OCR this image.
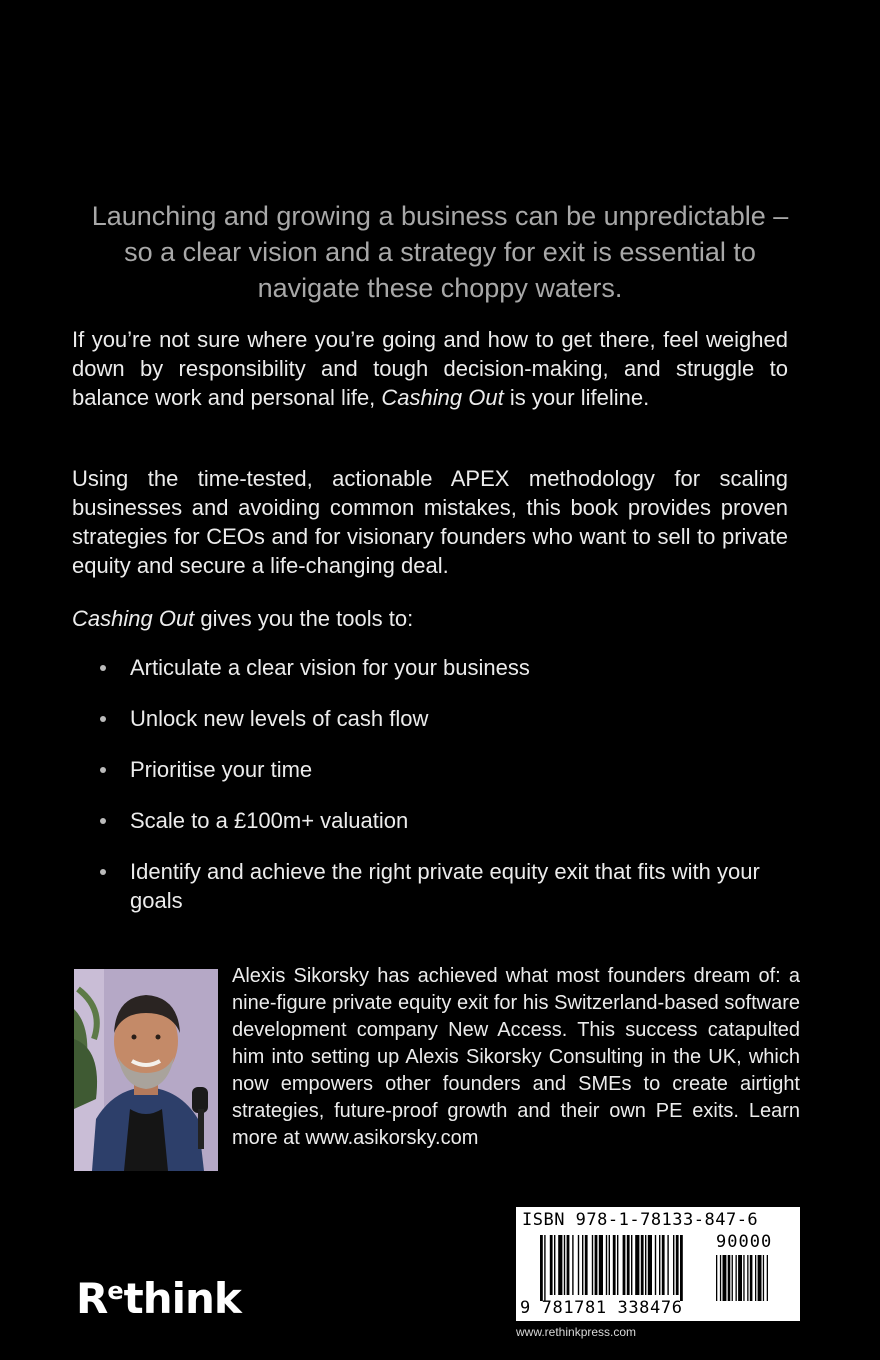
Launching and growing a business can be unpredictable – so a clear vision and a strategy for exit is essential to navigate these choppy waters.
If you’re not sure where you’re going and how to get there, feel weighed down by responsibility and tough decision-making, and struggle to balance work and personal life, Cashing Out is your lifeline.
Using the time-tested, actionable APEX methodology for scaling businesses and avoiding common mistakes, this book provides proven strategies for CEOs and for visionary founders who want to sell to private equity and secure a life-changing deal.
Cashing Out gives you the tools to:
Articulate a clear vision for your business
Unlock new levels of cash flow
Prioritise your time
Scale to a £100m+ valuation
Identify and achieve the right private equity exit that fits with your goals
Alexis Sikorsky has achieved what most founders dream of: a nine-figure private equity exit for his Switzerland-based software development company New Access. This success catapulted him into setting up Alexis Sikorsky Consulting in the UK, which now empowers other founders and SMEs to create airtight strategies, future-proof growth and their own PE exits. Learn more at www.asikorsky.com
$R^ethink$
ISBN 978-1-78133-847-6
90000
9 781781 338476
www.rethinkpress.com
